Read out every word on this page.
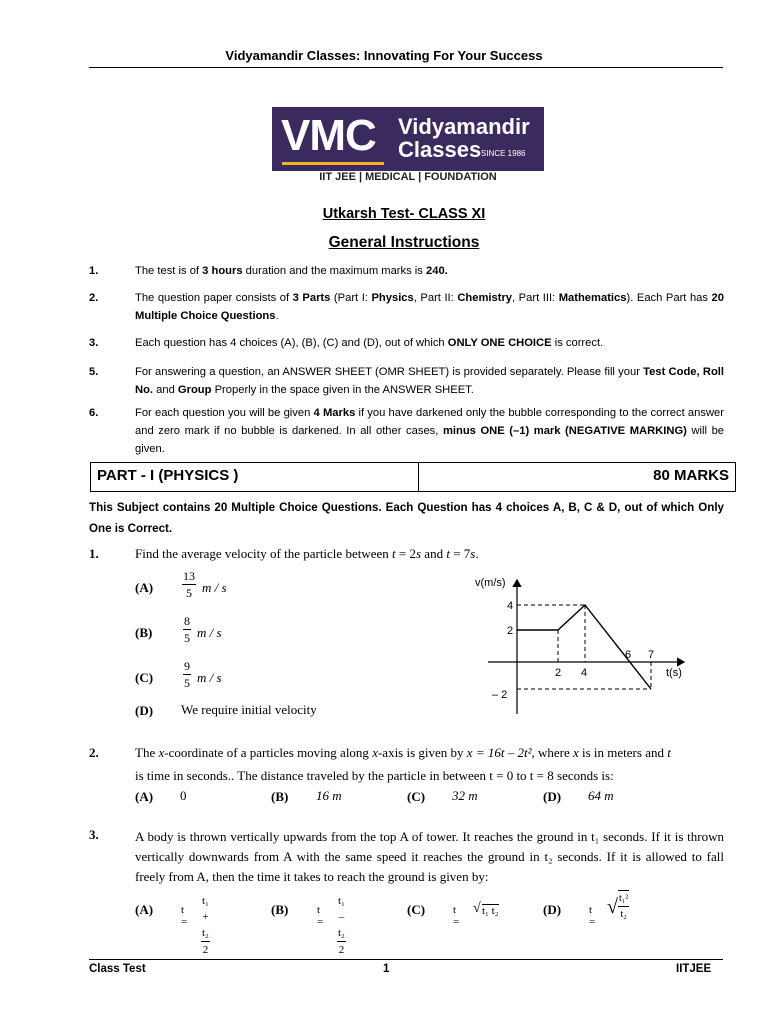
Vidyamandir Classes: Innovating For Your Success
VMC Vidyamandir
Classes SINCE 1986
IIT JEE | MEDICAL | FOUNDATION
Utkarsh Test- CLASS XI
General Instructions
1.	The test is of 3 hours duration and the maximum marks is 240.
2.	The question paper consists of 3 Parts (Part I: Physics, Part II: Chemistry, Part III: Mathematics). Each Part has 20 Multiple Choice Questions.
3.	Each question has 4 choices (A), (B), (C) and (D), out of which ONLY ONE CHOICE is correct.
5.	For answering a question, an ANSWER SHEET (OMR SHEET) is provided separately. Please fill your Test Code, Roll No. and Group Properly in the space given in the ANSWER SHEET.
6.	For each question you will be given 4 Marks if you have darkened only the bubble corresponding to the correct answer and zero mark if no bubble is darkened. In all other cases, minus ONE (–1) mark (NEGATIVE MARKING) will be given.
PART - I (PHYSICS )	80 MARKS
This Subject contains 20 Multiple Choice Questions. Each Question has 4 choices A, B, C & D, out of which Only One is Correct.
1.	Find the average velocity of the particle between t = 2s and t = 7s.
$(A) \frac{13}{5}$ m / s
(B)	$\frac{8}{5}$ m / s
$(C) \frac{9}{5}$ m / s
(D) We require initial velocity
v(m/s)
t(s)
4
2
– 2
2 4
6 7
2.	The x-coordinate of a particles moving along x-axis is given by x = 16t – 2t², where x is in meters and t
is time in seconds.. The distance traveled by the particle in between t = 0 to t = 8 seconds is:
(A) 0	(B) 16 m	(C) 32 m	(D) 64 m
3.	A body is thrown vertically upwards from the top A of tower. It reaches the ground in t₁ seconds. If it is thrown vertically downwards from A with the same speed it reaches the ground in t₂ seconds. If it is allowed to fall freely from A, then the time it takes to reach the ground is given by:
(A)	$t = \frac{\text{t₁ + t₂}}{2}$	(B)	$t = \frac{\text{t₁ – t₂}}{2}$	(C)	t =
√ t₁ t₂	(D)	t =
√ $\frac{\text{t₁²}}{\text{t₂}}$
Class Test	1	IITJEE
